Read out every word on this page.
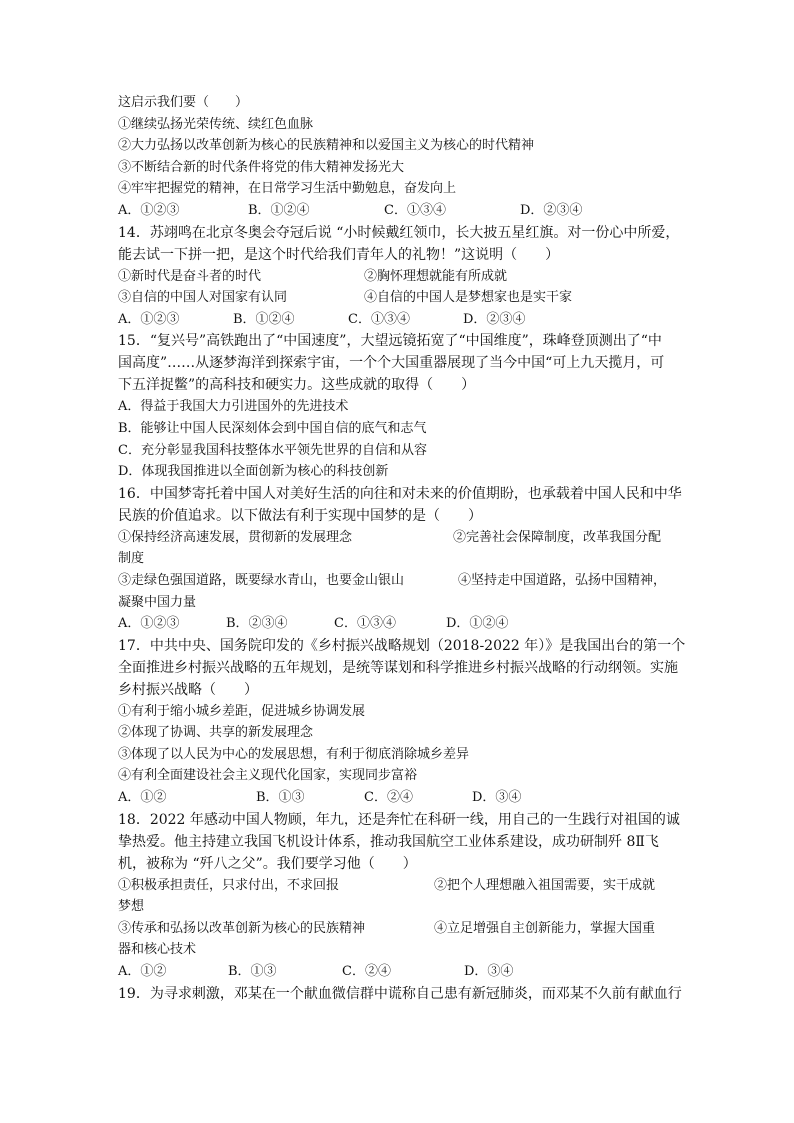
这启示我们要（　　）
①继续弘扬光荣传统、续红色血脉
②大力弘扬以改革创新为核心的民族精神和以爱国主义为核心的时代精神
③不断结合新的时代条件将党的伟大精神发扬光大
④牢牢把握党的精神，在日常学习生活中勤勉息，奋发向上
A．①②③	B．①②④	C．①③④	D．②③④
14．苏翊鸣在北京冬奥会夺冠后说 “小时候戴红领巾，长大披五星红旗。对一份心中所爱，
能去试一下拼一把，是这个时代给我们青年人的礼物！”这说明（　　）
①新时代是奋斗者的时代	②胸怀理想就能有所成就
③自信的中国人对国家有认同	④自信的中国人是梦想家也是实干家
A．①②③	B．①②④	C．①③④	D．②③④
15．“复兴号”高铁跑出了“中国速度”，大望远镜拓宽了“中国维度”，珠峰登顶测出了“中
国高度”……从逐梦海洋到探索宇宙，一个个大国重器展现了当今中国“可上九天揽月，可
下五洋捉鳖”的高科技和硬实力。这些成就的取得（　　）
A．得益于我国大力引进国外的先进技术
B．能够让中国人民深刻体会到中国自信的底气和志气
C．充分彰显我国科技整体水平领先世界的自信和从容
D．体现我国推进以全面创新为核心的科技创新
16．中国梦寄托着中国人对美好生活的向往和对未来的价值期盼，也承载着中国人民和中华
民族的价值追求。以下做法有利于实现中国梦的是（　　）
①保持经济高速发展，贯彻新的发展理念	②完善社会保障制度，改革我国分配
制度
③走绿色强国道路，既要绿水青山，也要金山银山	④坚持走中国道路，弘扬中国精神，
凝聚中国力量
A．①②③	B．②③④	C．①③④	D．①②④
17．中共中央、国务院印发的《乡村振兴战略规划（2018-2022 年）》是我国出台的第一个
全面推进乡村振兴战略的五年规划，是统等谋划和科学推进乡村振兴战略的行动纲领。实施
乡村振兴战略（　　）
①有利于缩小城乡差距，促进城乡协调发展
②体现了协调、共享的新发展理念
③体现了以人民为中心的发展思想，有利于彻底消除城乡差异
④有利全面建设社会主义现代化国家，实现同步富裕
A．①②	B．①③	C．②④	D．③④
18．2022 年感动中国人物顾，年九，还是奔忙在科研一线，用自己的一生践行对祖国的诚
挚热爱。他主持建立我国飞机设计体系，推动我国航空工业体系建设，成功研制歼 8Ⅱ飞
机，被称为 “歼八之父”。我们要学习他（　　）
①积极承担责任，只求付出，不求回报	②把个人理想融入祖国需要，实干成就
梦想
③传承和弘扬以改革创新为核心的民族精神	④立足增强自主创新能力，掌握大国重
器和核心技术
A．①②	B．①③	C．②④	D．③④
19．为寻求刺激，邓某在一个献血微信群中谎称自己患有新冠肺炎，而邓某不久前有献血行
